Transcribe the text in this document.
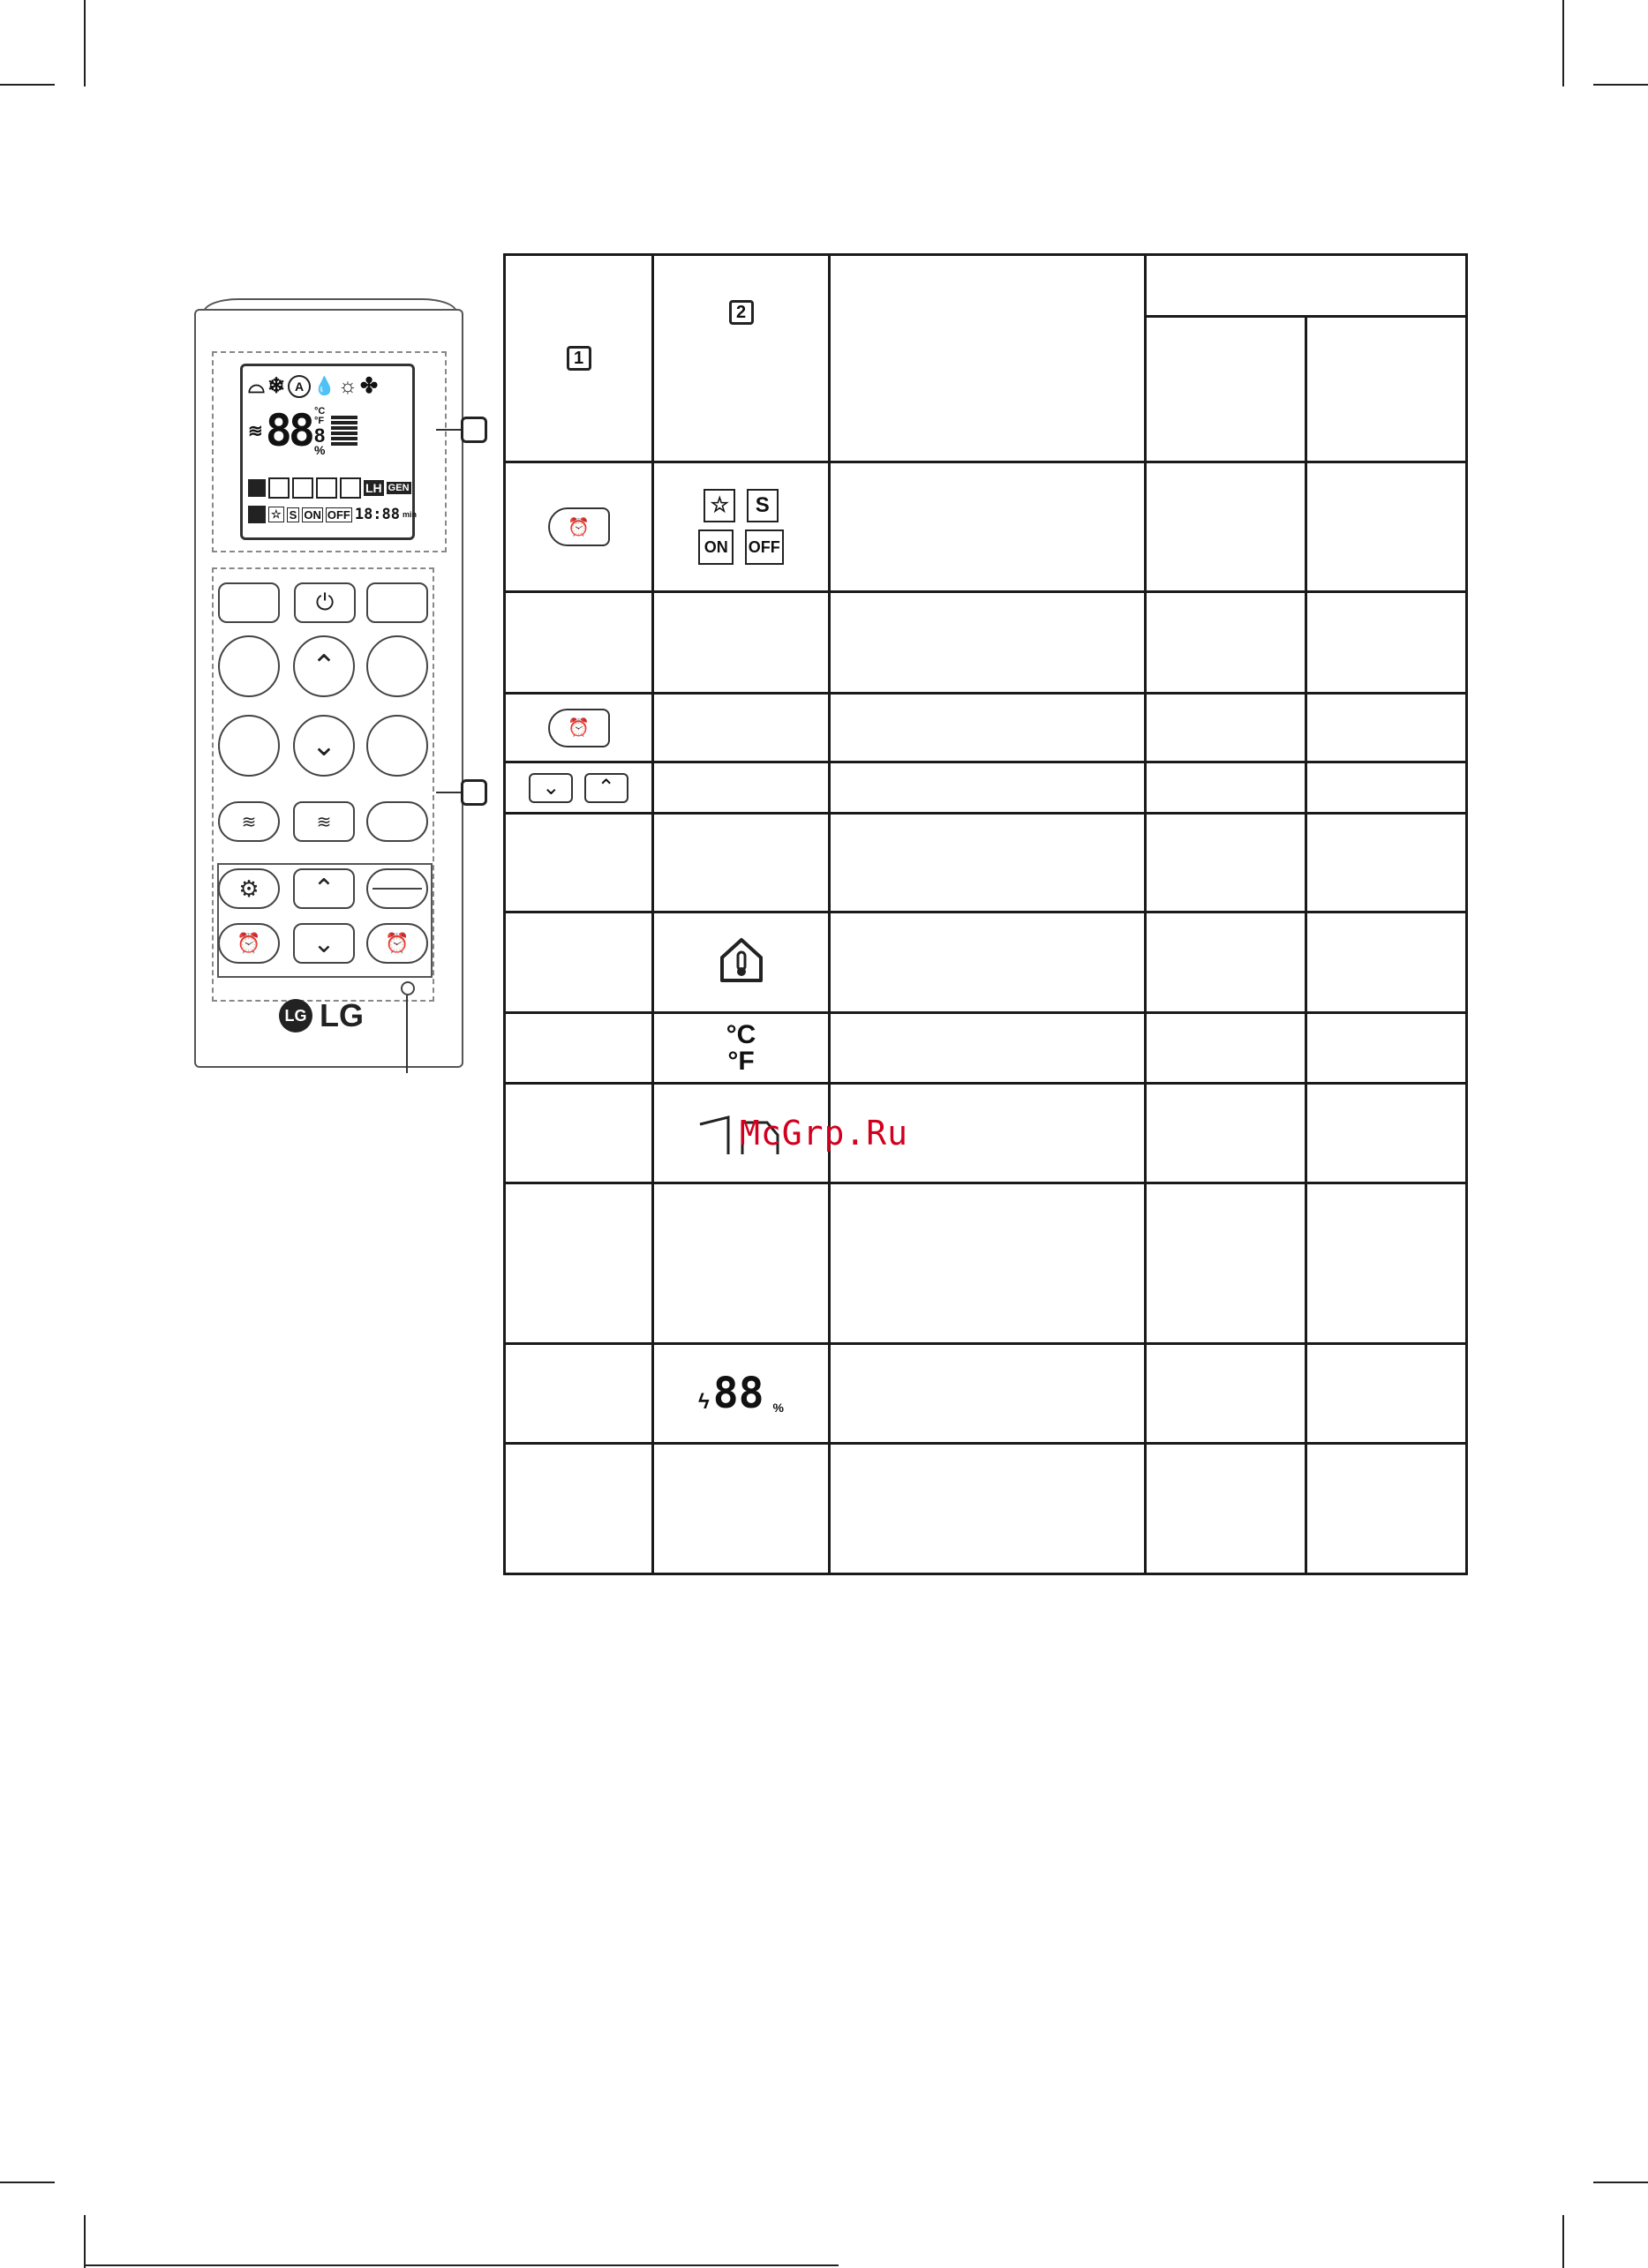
⌓ ❄ A 💧 ☼ ✤
≋ 88 °C
°F
8
%
LH GEN
☆ S ON OFF 18:88 min
⏻
⌃
⌄
≋	≋
⚙ ⌃
⏰ ⌄	⏰
LG LG
1	2			

⏰	☆ S
ON OFF			

⏰				

⌄
⌃				

	°C
°F			

	ϟ 88 %			

McGrp.Ru
